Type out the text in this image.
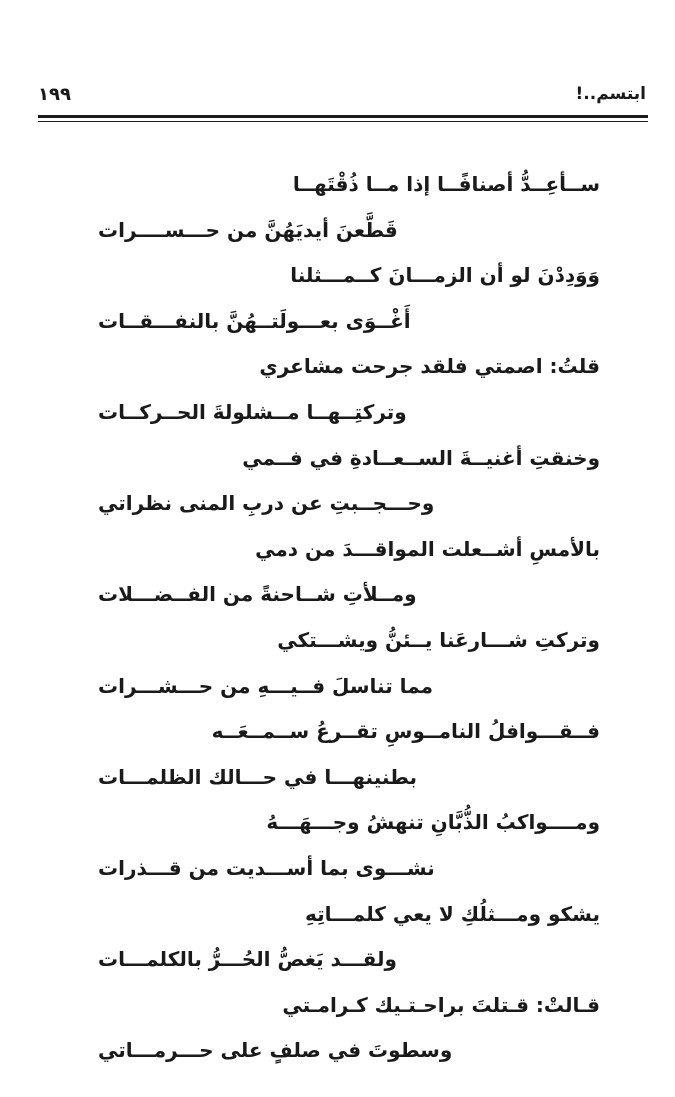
ابتسم..!
١٩٩
ســأعِــدُّ أصنافًــا إذا مــا ذُقْتَهــا
قَطَّعنَ أيديَهُنَّ من حـــســــرات
وَوَدِدْنَ لو أن الزمـــانَ كــمـــثلنا
أَغْــوَى بعـــولَتــهُنَّ بالنفـــقــات
قلتُ: اصمتي فلقد جرحت مشاعري
وتركتِــهــا مــشلولةَ الحــركــات
وخنقتِ أغنيــةَ الســعــادةِ في فــمي
وحـــجــبتِ عن دربِ المنى نظراتي
بالأمسِ أشــعلت المواقـــدَ من دمي
ومــلأتِ شــاحنةً من الفــضـــلات
وتركتِ شـــارعَنا يــئنُّ ويشـــتكي
مما تناسلَ فــيـــهِ من حـــشـــرات
فــقـــوافلُ النامــوسِ تقــرعُ ســمــعَــه
بطنينهـــا في حـــالك الظلمـــات
ومــــواكبُ الذُّبَّانِ تنهشُ وجـــهَـــهُ
نشـــوى بما أســـديت من قـــذرات
يشكو ومـــثلُكِ لا يعي كلمـــاتِهِ
ولقـــد يَغصُّ الحُـــرُّ بالكلمـــات
قـالتْ: قـتلتَ براحـتـيك كـرامـتي
وسطوتَ في صلفٍ على حـــرمـــاتي
